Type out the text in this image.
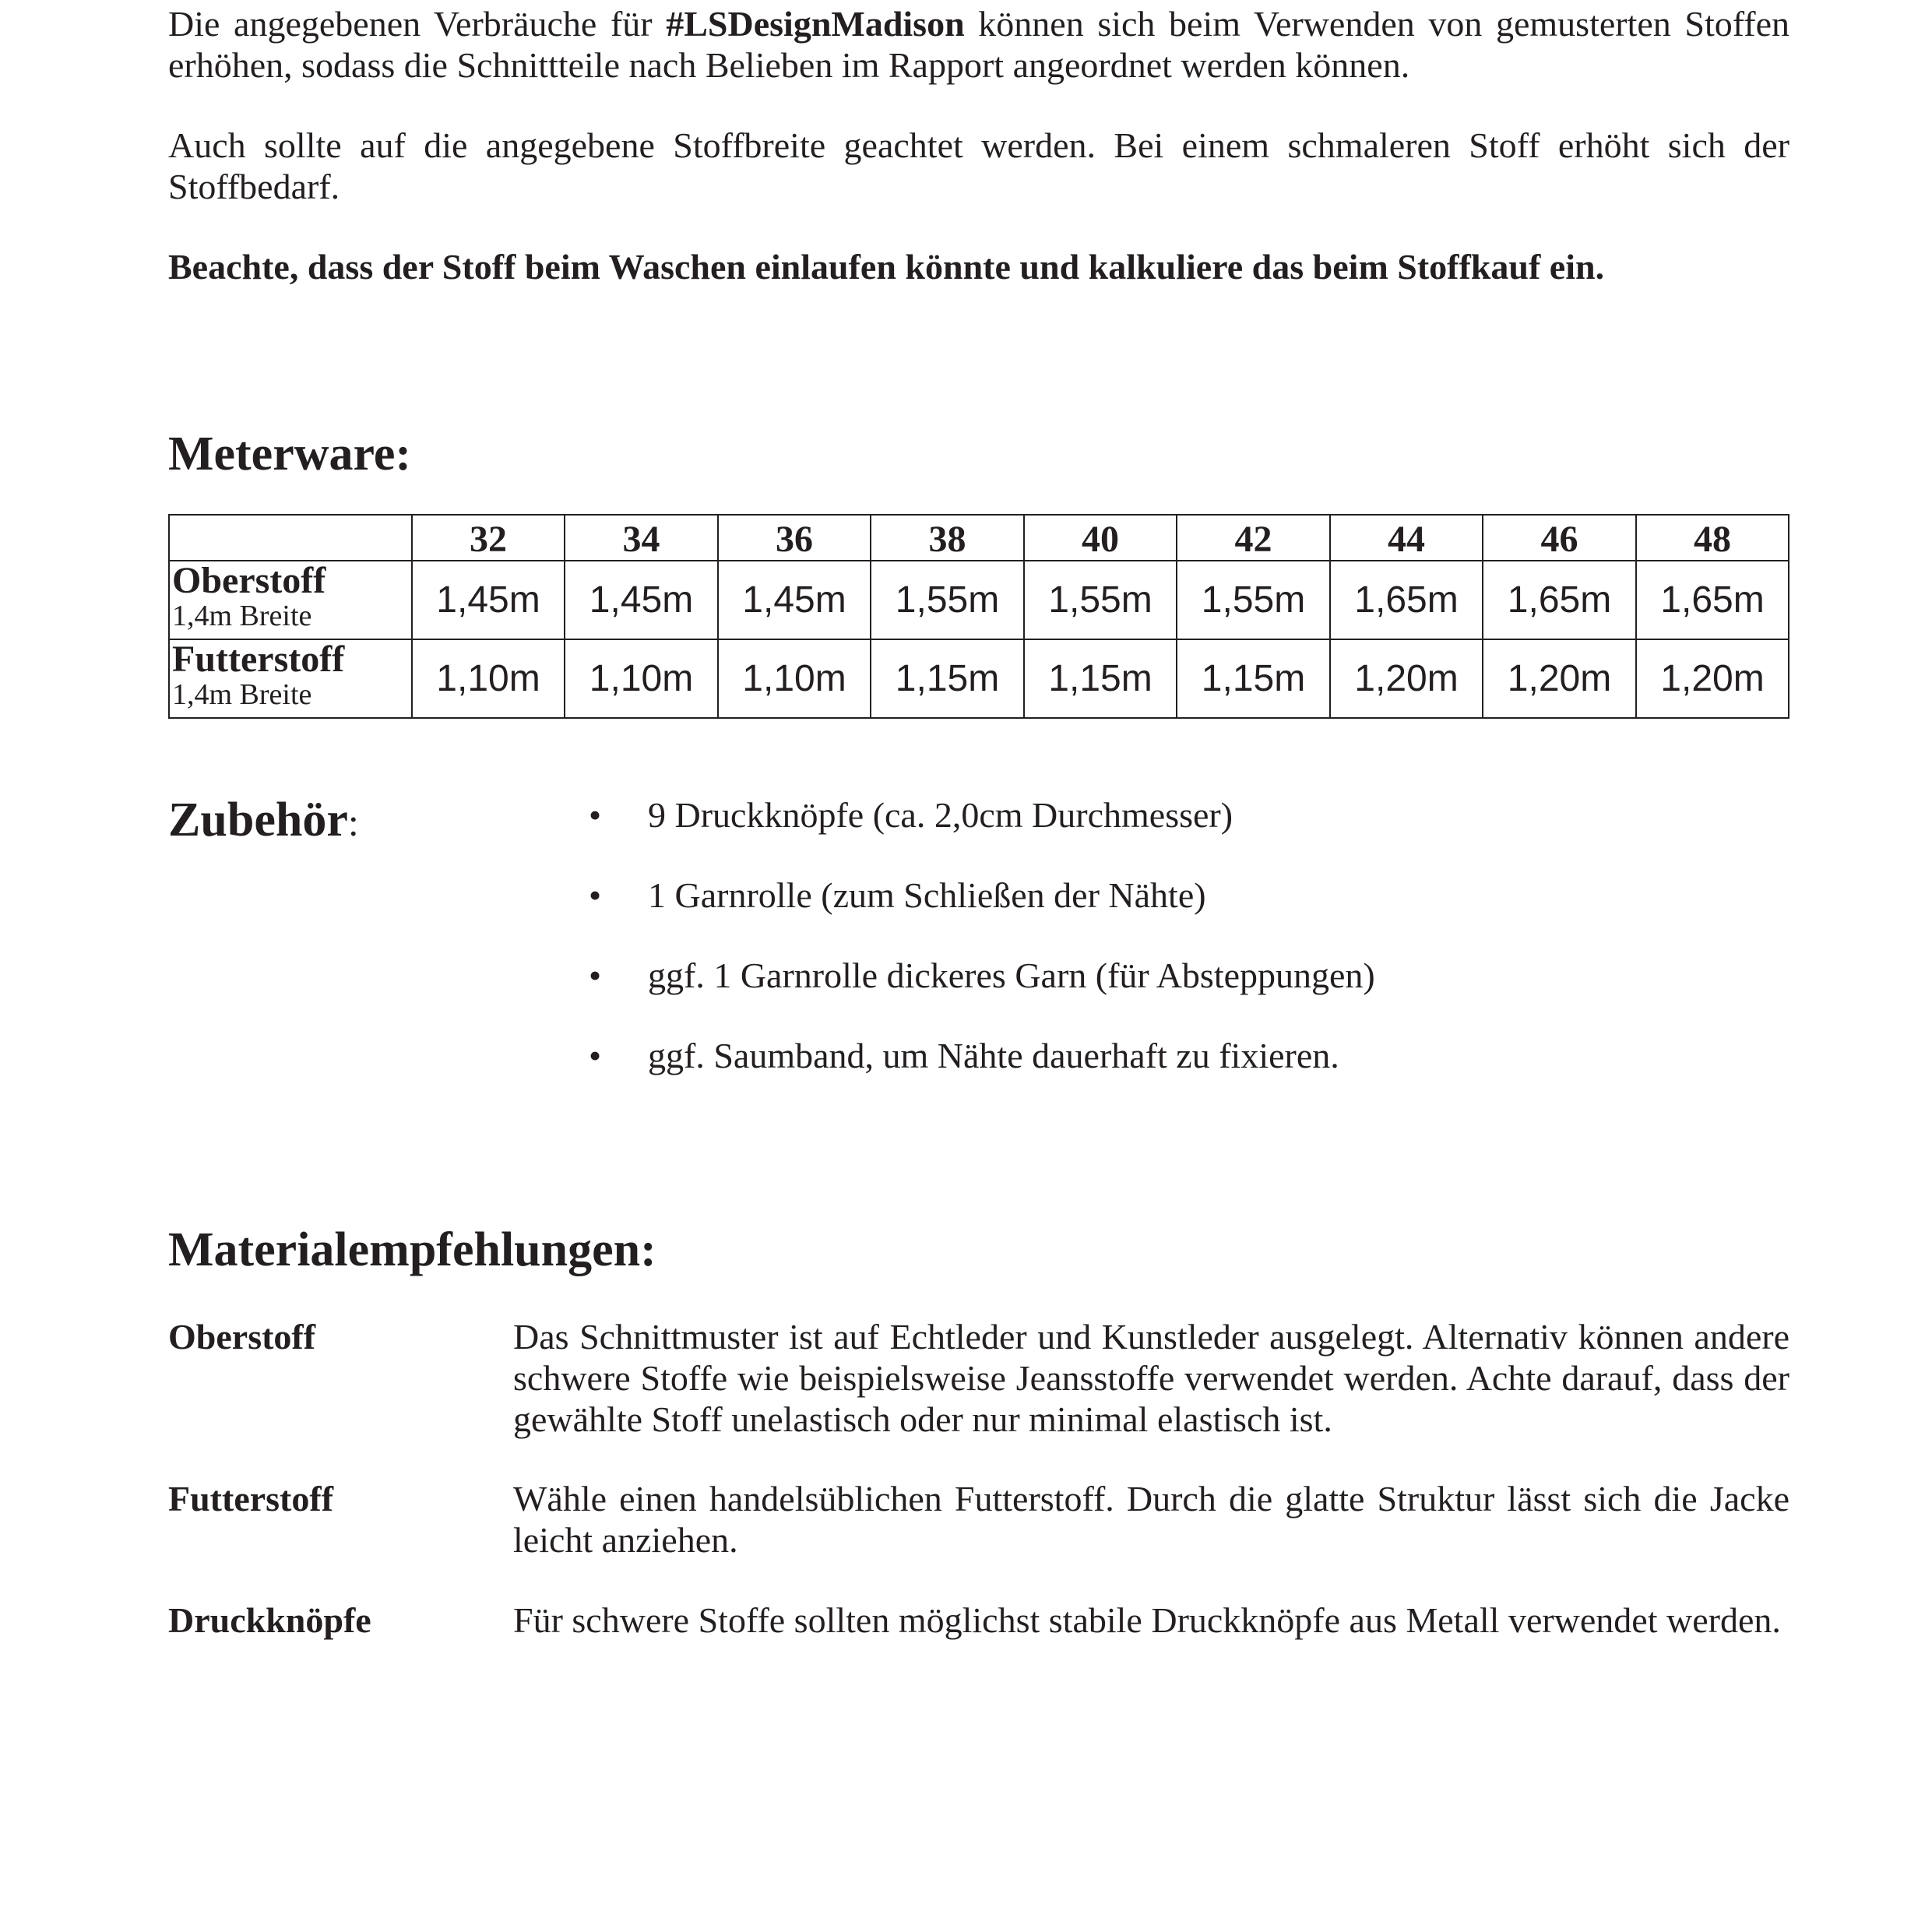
Die angegebenen Verbräuche für #LSDesignMadison können sich beim Verwenden von gemusterten Stoffen erhöhen, sodass die Schnittteile nach Belieben im Rapport angeordnet werden können.

Auch sollte auf die angegebene Stoffbreite geachtet werden. Bei einem schmaleren Stoff erhöht sich der Stoffbedarf.

Beachte, dass der Stoff beim Waschen einlaufen könnte und kalkuliere das beim Stoffkauf ein.

Meterware:
	32	34	36	38	40	42	44	46	48

Oberstoff
1,4m Breite	1,45m	1,45m	1,45m	1,55m	1,55m	1,55m	1,65m	1,65m	1,65m

Futterstoff
1,4m Breite	1,10m	1,10m	1,10m	1,15m	1,15m	1,15m	1,20m	1,20m	1,20m
Zubehör:	• 9 Druckknöpfe (ca. 2,0cm Durchmesser)
• 1 Garnrolle (zum Schließen der Nähte)
• ggf. 1 Garnrolle dickeres Garn (für Absteppungen)
• ggf. Saumband, um Nähte dauerhaft zu fixieren.
Materialempfehlungen:
Oberstoff	Das Schnittmuster ist auf Echtleder und Kunstleder ausgelegt. Alternativ können andere schwere Stoffe wie beispielsweise Jeansstoffe verwendet werden. Achte darauf, dass der gewählte Stoff unelastisch oder nur minimal elastisch ist.

Futterstoff	Wähle einen handelsüblichen Futterstoff. Durch die glatte Struktur lässt sich die Jacke leicht anziehen.

Druckknöpfe	Für schwere Stoffe sollten möglichst stabile Druckknöpfe aus Metall verwendet werden.
